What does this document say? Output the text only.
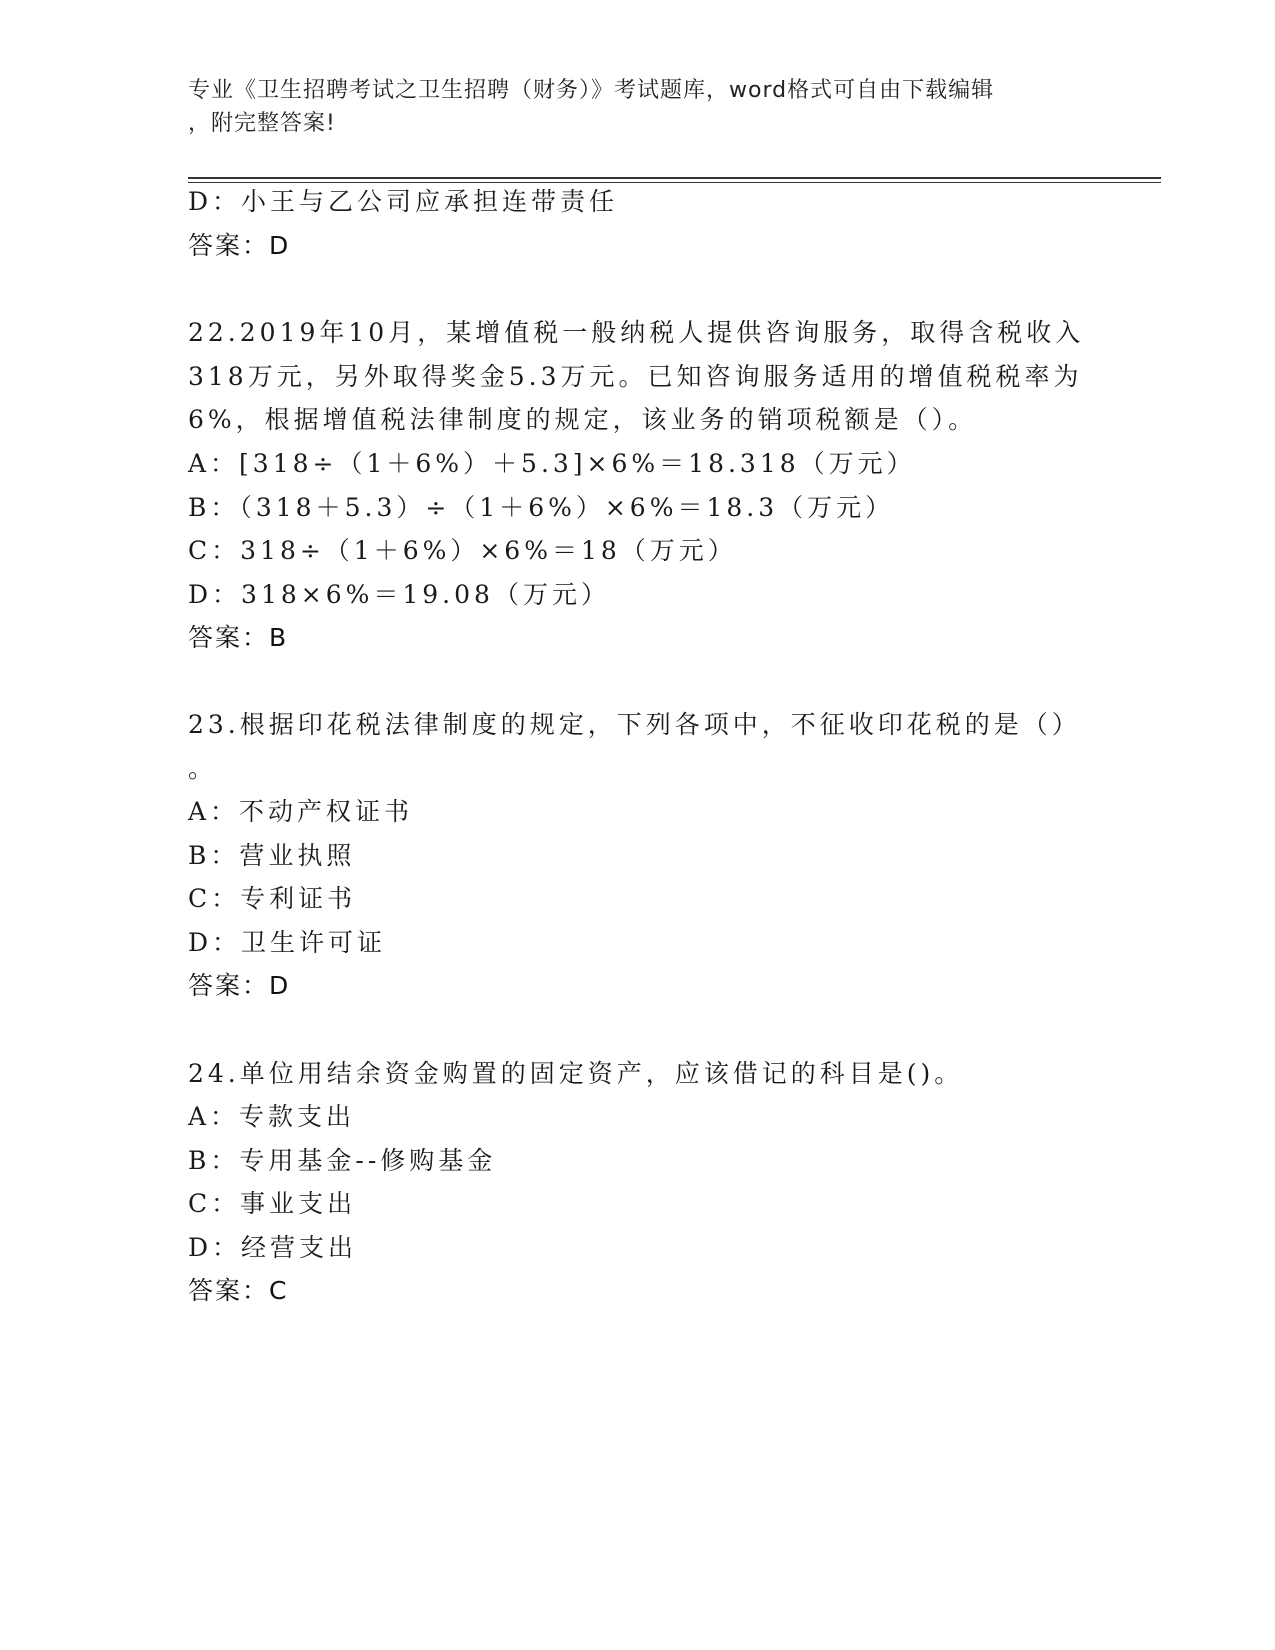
专业《卫生招聘考试之卫生招聘（财务）》考试题库，word格式可自由下载编辑
，附完整答案!
D：小王与乙公司应承担连带责任
答案：D
22.2019年10月，某增值税一般纳税人提供咨询服务，取得含税收入
318万元，另外取得奖金5.3万元。已知咨询服务适用的增值税税率为
6%，根据增值税法律制度的规定，该业务的销项税额是（）。
A：[318÷（1＋6%）＋5.3]×6%＝18.318（万元）
B：（318＋5.3）÷（1＋6%）×6%＝18.3（万元）
C：318÷（1＋6%）×6%＝18（万元）
D：318×6%＝19.08（万元）
答案：B
23.根据印花税法律制度的规定，下列各项中，不征收印花税的是（）
。
A：不动产权证书
B：营业执照
C：专利证书
D：卫生许可证
答案：D
24.单位用结余资金购置的固定资产，应该借记的科目是()。
A：专款支出
B：专用基金--修购基金
C：事业支出
D：经营支出
答案：C
